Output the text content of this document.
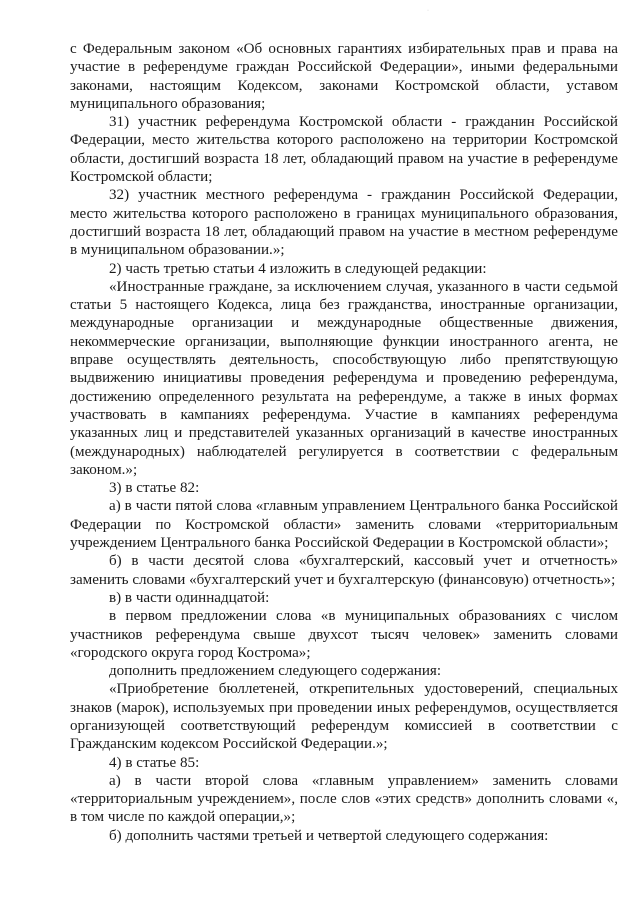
·

с Федеральным законом «Об основных гарантиях избирательных прав и права на участие в референдуме граждан Российской Федерации», иными федеральными законами, настоящим Кодексом, законами Костромской области, уставом муниципального образования;

31) участник референдума Костромской области - гражданин Российской Федерации, место жительства которого расположено на территории Костромской области, достигший возраста 18 лет, обладающий правом на участие в референдуме Костромской области;

32) участник местного референдума - гражданин Российской Федерации, место жительства которого расположено в границах муниципального образования, достигший возраста 18 лет, обладающий правом на участие в местном референдуме в муниципальном образовании.»;

2) часть третью статьи 4 изложить в следующей редакции:

«Иностранные граждане, за исключением случая, указанного в части седьмой статьи 5 настоящего Кодекса, лица без гражданства, иностранные организации, международные организации и международные общественные движения, некоммерческие организации, выполняющие функции иностранного агента, не вправе осуществлять деятельность, способствующую либо препятствующую выдвижению инициативы проведения референдума и проведению референдума, достижению определенного результата на референдуме, а также в иных формах участвовать в кампаниях референдума. Участие в кампаниях референдума указанных лиц и представителей указанных организаций в качестве иностранных (международных) наблюдателей регулируется в соответствии с федеральным законом.»;

3) в статье 82:

а) в части пятой слова «главным управлением Центрального банка Российской Федерации по Костромской области» заменить словами «территориальным учреждением Центрального банка Российской Федерации в Костромской области»;

б) в части десятой слова «бухгалтерский, кассовый учет и отчетность» заменить словами «бухгалтерский учет и бухгалтерскую (финансовую) отчетность»;

в) в части одиннадцатой:

в первом предложении слова «в муниципальных образованиях с числом участников референдума свыше двухсот тысяч человек» заменить словами «городского округа город Кострома»;

дополнить предложением следующего содержания:

«Приобретение бюллетеней, открепительных удостоверений, специальных знаков (марок), используемых при проведении иных референдумов, осуществляется организующей соответствующий референдум комиссией в соответствии с Гражданским кодексом Российской Федерации.»;

4) в статье 85:

а) в части второй слова «главным управлением» заменить словами «территориальным учреждением», после слов «этих средств» дополнить словами «, в том числе по каждой операции,»;

б) дополнить частями третьей и четвертой следующего содержания:
